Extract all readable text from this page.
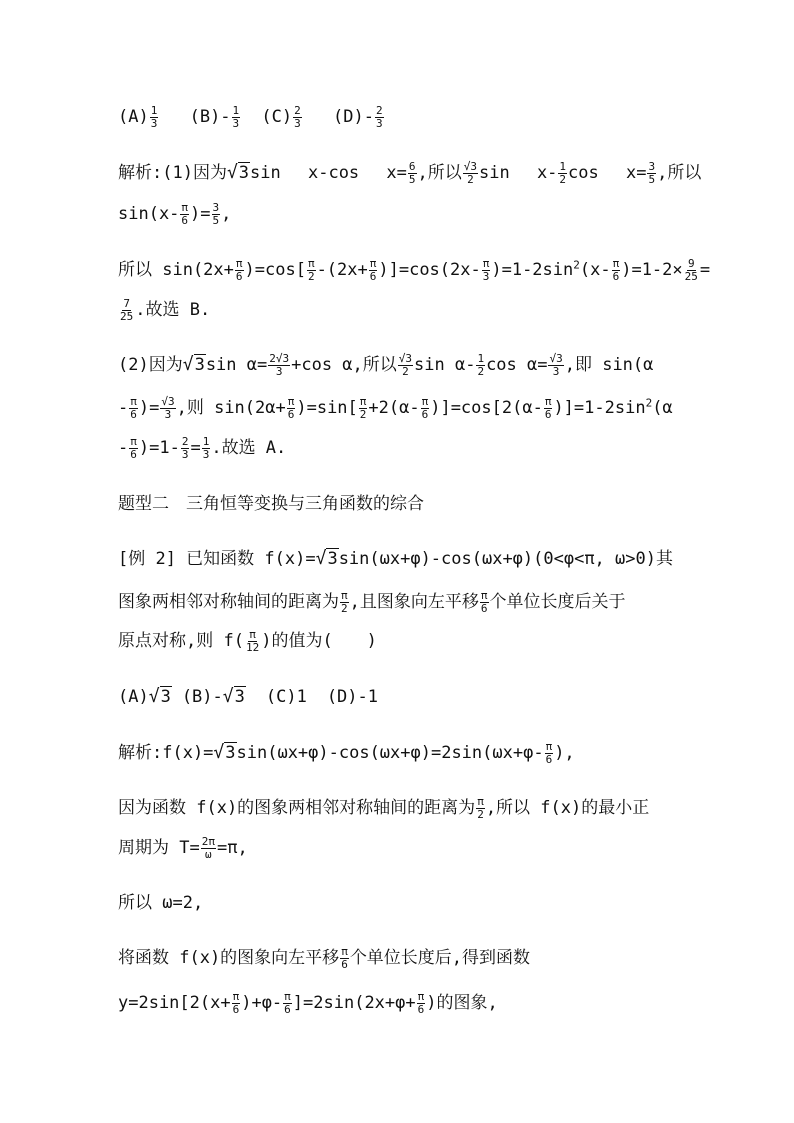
$(A) \frac{1}{3} (B)- \frac{1}{3} (C) \frac{2}{3} (D)- \frac{2}{3}$
解析:(1)因为√3sin　 x-cos　 $x= \frac{6}{5}$ ,所以 $\frac{√3}{2}$ sin　 $x- \frac{1}{2}$ cos　 $x= \frac{3}{5}$ ,所以
$\sin(x- \frac{\pi}{6}$ )= $\frac{3}{5}$ ,
所以 $\sin(2x+ \frac{\pi}{6} )=\cos[ \frac{\pi}{2} -(2x+ \frac{\pi}{6} )]=\cos(2x- \frac{\pi}{3} )=1-2\sin^2(x- \frac{\pi}{6} )=1-2\times \frac{9}{25}$ =
$\frac{7}{25}$ .故选 B.
(2)因为√3sin $\alpha= \frac{2√3}{3} +\cos$ α,所以 $\frac{√3}{2}$ $\sin \alpha- \frac{1}{2}$ $\cos \alpha= \frac{√3}{3}$ ,即 sin(α
- $\frac{\pi}{6}$ )= $\frac{√3}{3}$ ,则 $\sin(2\alpha+ \frac{\pi}{6} )=\sin[ \frac{\pi}{2} +2(\alpha- \frac{\pi}{6} )]=\cos[2(\alpha- \frac{\pi}{6} )]=1-2\sin^2(\alpha$
- $\frac{\pi}{6} )=1- \frac{2}{3} = \frac{1}{3}$ .故选 A.
题型二　三角恒等变换与三角函数的综合
[例 2] 已知函数 f(x)=√3sin(ωx+φ)-cos(ωx+φ)(0<φ<π, ω>0)其
图象两相邻对称轴间的距离为 $\frac{\pi}{2}$ ,且图象向左平移 $\frac{\pi}{6}$ 个单位长度后关于
原点对称,则 $f( \frac{\pi}{12}$ )的值为(　　)
(A)√3 (B)-√3 (C)1 (D)-1
解析:f(x)=√3sin(ωx+φ)-cos(ωx+φ)=2sin(ωx+φ- $\frac{\pi}{6}$ ),
因为函数 f(x)的图象两相邻对称轴间的距离为 $\frac{\pi}{2}$ ,所以 f(x)的最小正
周期为 $T= \frac{2\pi}{\omega} =\pi$,
所以 ω=2,
将函数 f(x)的图象向左平移 $\frac{\pi}{6}$ 个单位长度后,得到函数
$y=2\sin[2(x+ \frac{\pi}{6} )+\varphi- \frac{\pi}{6} ]=2\sin(2x+\varphi+ \frac{\pi}{6}$ )的图象,
